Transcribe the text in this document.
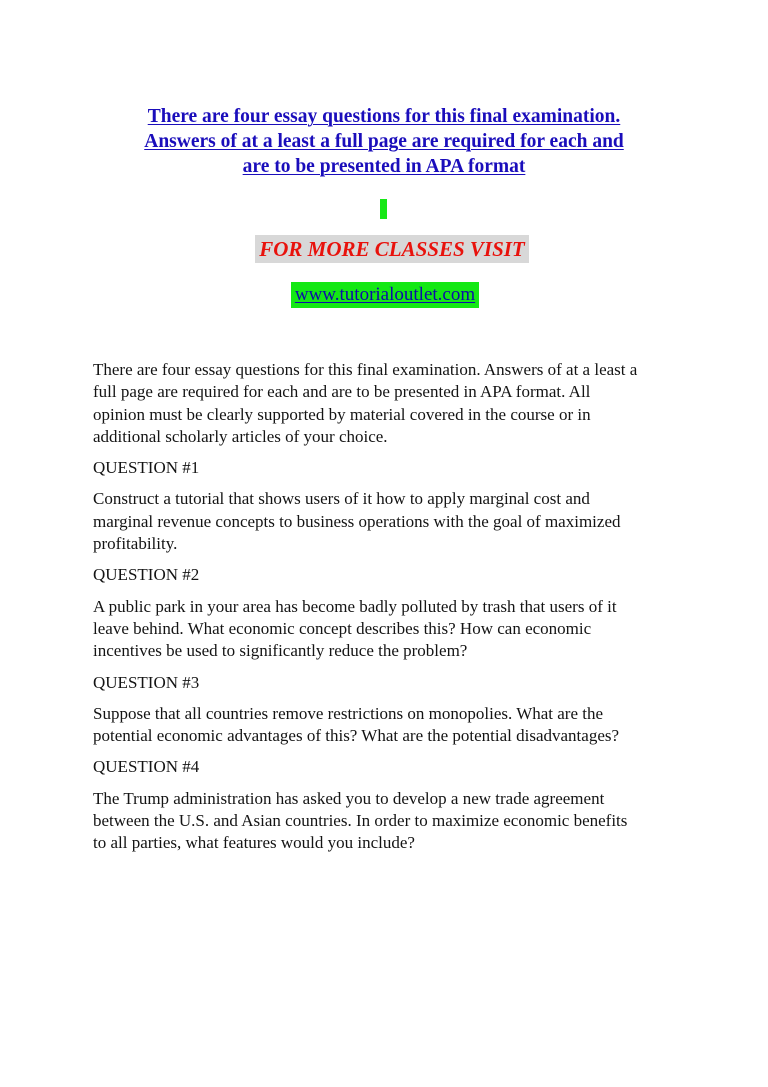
There are four essay questions for this final examination.
Answers of at a least a full page are required for each and
are to be presented in APA format
FOR MORE CLASSES VISIT
www.tutorialoutlet.com

There are four essay questions for this final examination. Answers of at a least a
full page are required for each and are to be presented in APA format. All
opinion must be clearly supported by material covered in the course or in
additional scholarly articles of your choice.

QUESTION #1

Construct a tutorial that shows users of it how to apply marginal cost and
marginal revenue concepts to business operations with the goal of maximized
profitability.

QUESTION #2

A public park in your area has become badly polluted by trash that users of it
leave behind. What economic concept describes this? How can economic
incentives be used to significantly reduce the problem?

QUESTION #3

Suppose that all countries remove restrictions on monopolies. What are the
potential economic advantages of this? What are the potential disadvantages?

QUESTION #4

The Trump administration has asked you to develop a new trade agreement
between the U.S. and Asian countries. In order to maximize economic benefits
to all parties, what features would you include?
